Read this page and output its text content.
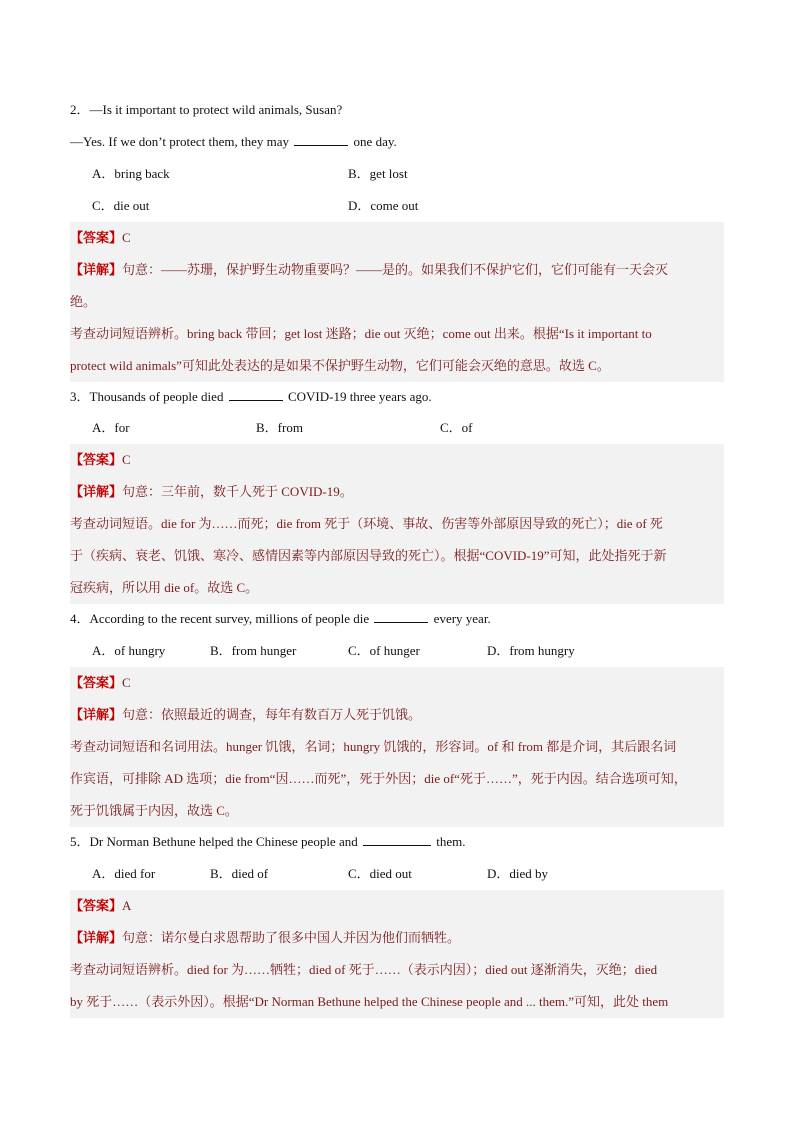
2．—Is it important to protect wild animals, Susan?
—Yes. If we don’t protect them, they may	one day.
A．bring back	B．get lost
C．die out	D．come out
【答案】C
【详解】句意：——苏珊，保护野生动物重要吗？——是的。如果我们不保护它们，它们可能有一天会灭
绝。
考查动词短语辨析。bring back 带回；get lost 迷路；die out 灭绝；come out 出来。根据“Is it important to
protect wild animals”可知此处表达的是如果不保护野生动物，它们可能会灭绝的意思。故选 C。
3．Thousands of people died	COVID-19 three years ago.
A．for	B．from	C．of
【答案】C
【详解】句意：三年前，数千人死于 COVID-19。
考查动词短语。die for 为……而死；die from 死于（环境、事故、伤害等外部原因导致的死亡）；die of 死
于（疾病、衰老、饥饿、寒冷、感情因素等内部原因导致的死亡）。根据“COVID-19”可知，此处指死于新
冠疾病，所以用 die of。故选 C。
4．According to the recent survey, millions of people die	every year.
A．of hungry	B．from hunger	C．of hunger	D．from hungry
【答案】C
【详解】句意：依照最近的调查，每年有数百万人死于饥饿。
考查动词短语和名词用法。hunger 饥饿，名词；hungry 饥饿的，形容词。of 和 from 都是介词，其后跟名词
作宾语，可排除 AD 选项；die from“因……而死”，死于外因；die of“死于……”，死于内因。结合选项可知，
死于饥饿属于内因，故选 C。
5．Dr Norman Bethune helped the Chinese people and	them.
A．died for	B．died of	C．died out	D．died by
【答案】A
【详解】句意：诺尔曼白求恩帮助了很多中国人并因为他们而牺牲。
考查动词短语辨析。died for 为……牺牲；died of 死于……（表示内因）；died out 逐渐消失，灭绝；died
by 死于……（表示外因）。根据“Dr Norman Bethune helped the Chinese people and ... them.”可知，此处 them
